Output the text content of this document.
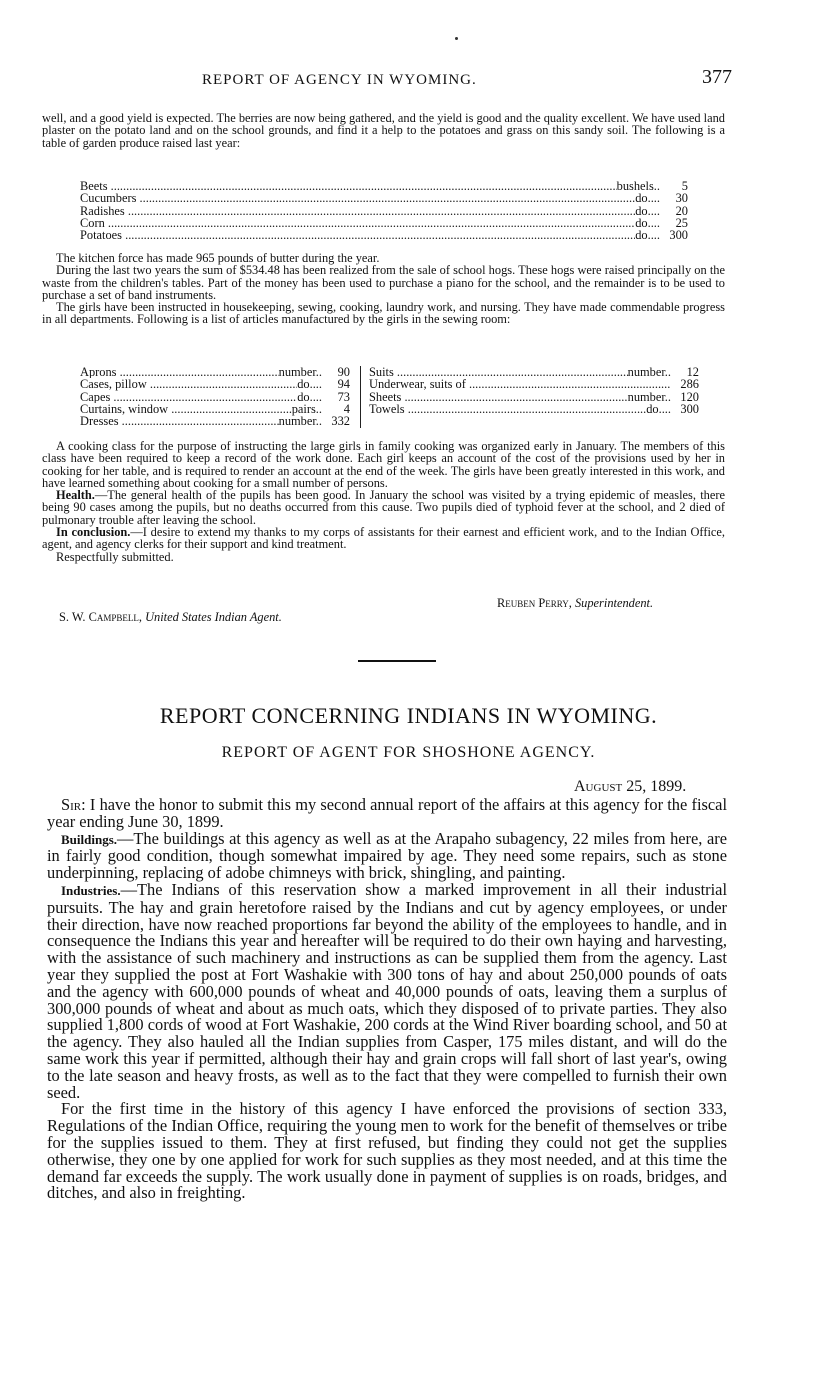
REPORT OF AGENCY IN WYOMING.	377

well, and a good yield is expected. The berries are now being gathered, and the yield is good and the quality excellent. We have used land plaster on the potato land and on the school grounds, and find it a help to the potatoes and grass on this sandy soil. The following is a table of garden produce raised last year:

Beets .....	bushels..	5
Cucumbers .....	do....	30
Radishes .....	do....	20
Corn .....	do....	25
Potatoes .....	do.... 300

The kitchen force has made 965 pounds of butter during the year.

During the last two years the sum of $534.48 has been realized from the sale of school hogs. These hogs were raised principally on the waste from the children's tables. Part of the money has been used to purchase a piano for the school, and the remainder is to be used to purchase a set of band instruments.

The girls have been instructed in housekeeping, sewing, cooking, laundry work, and nursing. They have made commendable progress in all departments. Following is a list of articles manufactured by the girls in the sewing room:

Aprons .....	number..	90
Cases, pillow .....	do....	94
Capes .....	do....	73
Curtains, window .....	pairs..	4
Dresses .....	number.. 332
Suits .....	number..	12
Underwear, suits of .....	286
Sheets .....	number.. 120
Towels .....	do.... 300

A cooking class for the purpose of instructing the large girls in family cooking was organized early in January. The members of this class have been required to keep a record of the work done. Each girl keeps an account of the cost of the provisions used by her in cooking for her table, and is required to render an account at the end of the week. The girls have been greatly interested in this work, and have learned something about cooking for a small number of persons.

Health.—The general health of the pupils has been good. In January the school was visited by a trying epidemic of measles, there being 90 cases among the pupils, but no deaths occurred from this cause. Two pupils died of typhoid fever at the school, and 2 died of pulmonary trouble after leaving the school.

In conclusion.—I desire to extend my thanks to my corps of assistants for their earnest and efficient work, and to the Indian Office, agent, and agency clerks for their support and kind treatment.

Respectfully submitted.

Reuben Perry, Superintendent.
S. W. Campbell, United States Indian Agent.
REPORT CONCERNING INDIANS IN WYOMING.
REPORT OF AGENT FOR SHOSHONE AGENCY.
August 25, 1899.

Sir: I have the honor to submit this my second annual report of the affairs at this agency for the fiscal year ending June 30, 1899.

Buildings.—The buildings at this agency as well as at the Arapaho subagency, 22 miles from here, are in fairly good condition, though somewhat impaired by age. They need some repairs, such as stone underpinning, replacing of adobe chimneys with brick, shingling, and painting.

Industries.—The Indians of this reservation show a marked improvement in all their industrial pursuits. The hay and grain heretofore raised by the Indians and cut by agency employees, or under their direction, have now reached proportions far beyond the ability of the employees to handle, and in consequence the Indians this year and hereafter will be required to do their own haying and harvesting, with the assistance of such machinery and instructions as can be supplied them from the agency. Last year they supplied the post at Fort Washakie with 300 tons of hay and about 250,000 pounds of oats and the agency with 600,000 pounds of wheat and 40,000 pounds of oats, leaving them a surplus of 300,000 pounds of wheat and about as much oats, which they disposed of to private parties. They also supplied 1,800 cords of wood at Fort Washakie, 200 cords at the Wind River boarding school, and 50 at the agency. They also hauled all the Indian supplies from Casper, 175 miles distant, and will do the same work this year if permitted, although their hay and grain crops will fall short of last year's, owing to the late season and heavy frosts, as well as to the fact that they were compelled to furnish their own seed.

For the first time in the history of this agency I have enforced the provisions of section 333, Regulations of the Indian Office, requiring the young men to work for the benefit of themselves or tribe for the supplies issued to them. They at first refused, but finding they could not get the supplies otherwise, they one by one applied for work for such supplies as they most needed, and at this time the demand far exceeds the supply. The work usually done in payment of supplies is on roads, bridges, and ditches, and also in freighting.
